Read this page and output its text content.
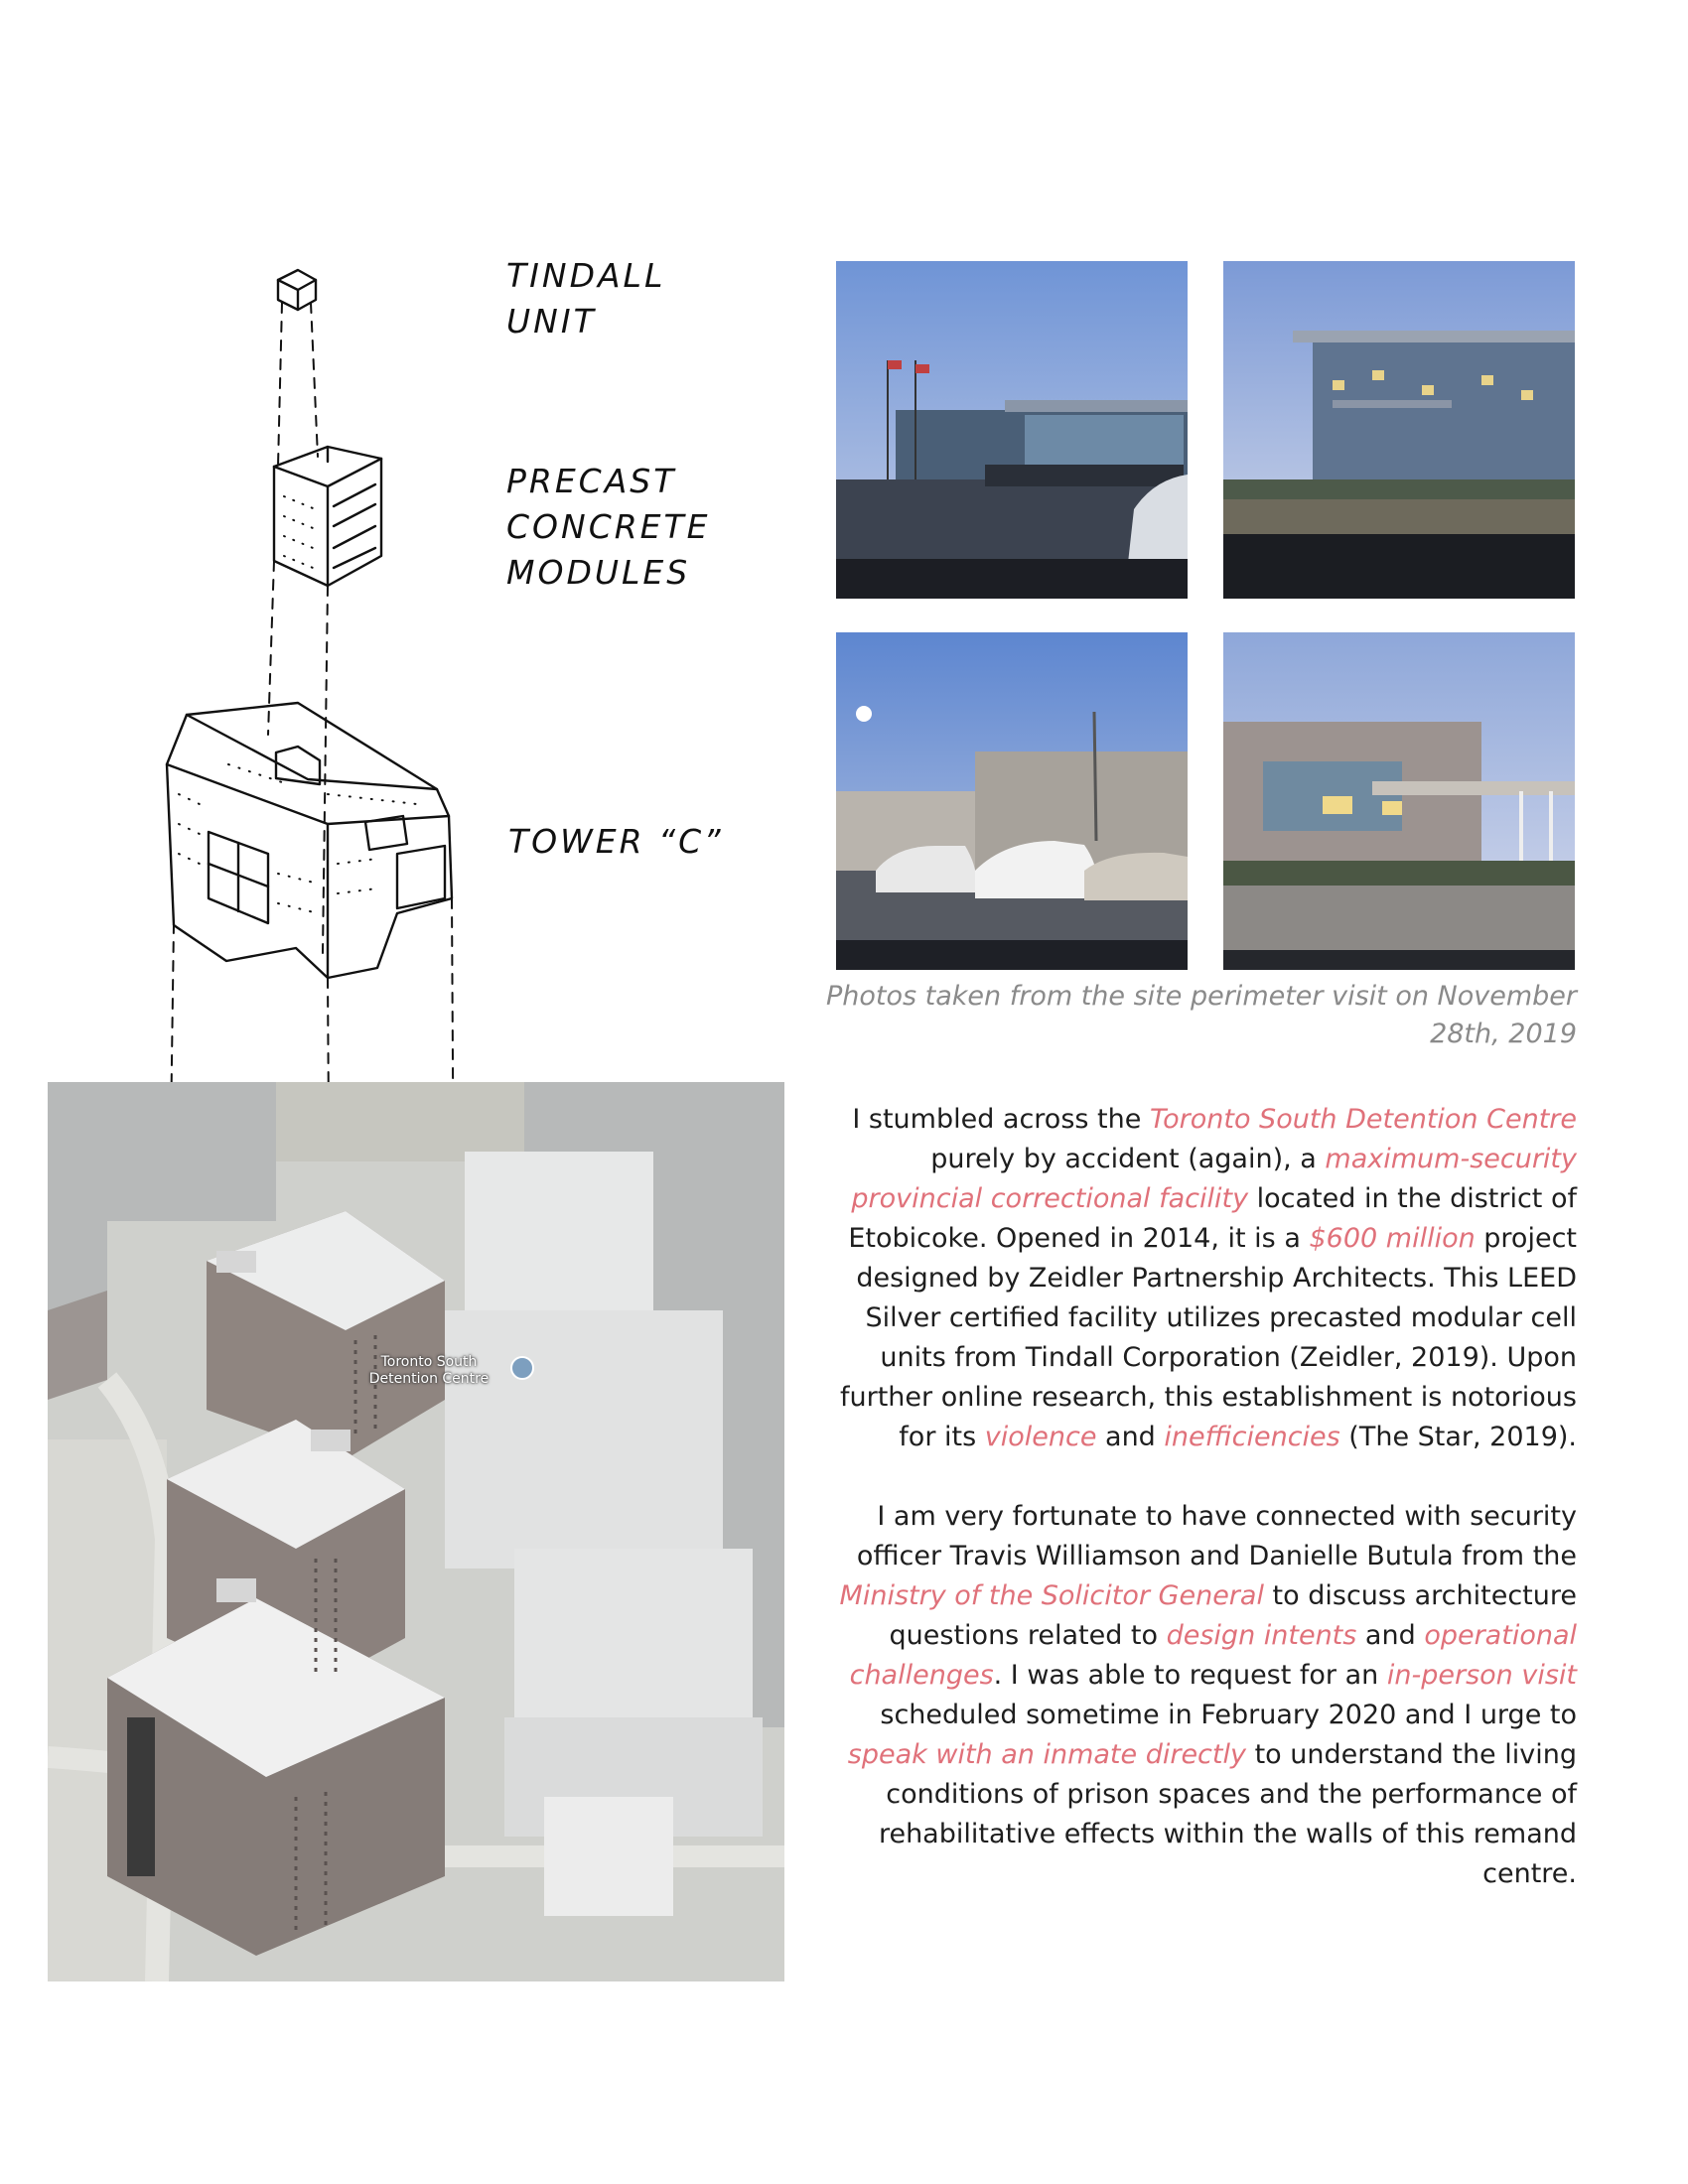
TINDALL
UNIT
PRECAST
CONCRETE
MODULES
TOWER “C”
Photos taken from the site perimeter visit on November 28th, 2019
Toronto South Detention Centre
I stumbled across the Toronto South Detention Centre purely by accident (again), a maximum-security provincial correctional facility located in the district of Etobicoke. Opened in 2014, it is a $600 million project designed by Zeidler Partnership Architects. This LEED Silver certified facility utilizes precasted modular cell units from Tindall Corporation (Zeidler, 2019). Upon further online research, this establishment is notorious for its violence and inefficiencies (The Star, 2019).
I am very fortunate to have connected with security officer Travis Williamson and Danielle Butula from the Ministry of the Solicitor General to discuss architecture questions related to design intents and operational challenges. I was able to request for an in-person visit scheduled sometime in February 2020 and I urge to speak with an inmate directly to understand the living conditions of prison spaces and the performance of rehabilitative effects within the walls of this remand centre.
